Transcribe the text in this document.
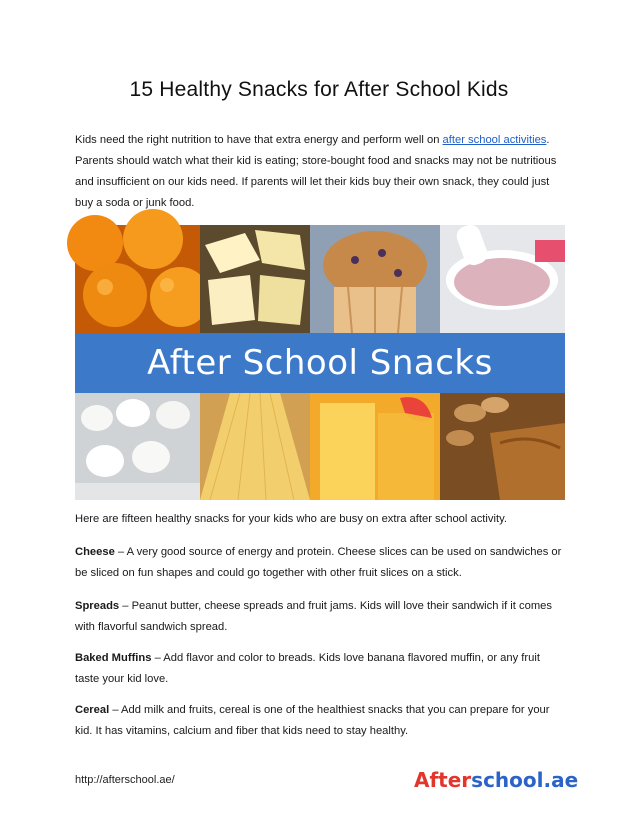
15 Healthy Snacks for After School Kids

Kids need the right nutrition to have that extra energy and perform well on after school activities. Parents should watch what their kid is eating; store-bought food and snacks may not be nutritious and insufficient on our kids need. If parents will let their kids buy their own snack, they could just buy a soda or junk food.

After School Snacks

Here are fifteen healthy snacks for your kids who are busy on extra after school activity.

Cheese – A very good source of energy and protein. Cheese slices can be used on sandwiches or be sliced on fun shapes and could go together with other fruit slices on a stick.

Spreads – Peanut butter, cheese spreads and fruit jams. Kids will love their sandwich if it comes with flavorful sandwich spread.

Baked Muffins – Add flavor and color to breads. Kids love banana flavored muffin, or any fruit taste your kid love.

Cereal – Add milk and fruits, cereal is one of the healthiest snacks that you can prepare for your kid. It has vitamins, calcium and fiber that kids need to stay healthy.

http://afterschool.ae/	Afterschool.ae
